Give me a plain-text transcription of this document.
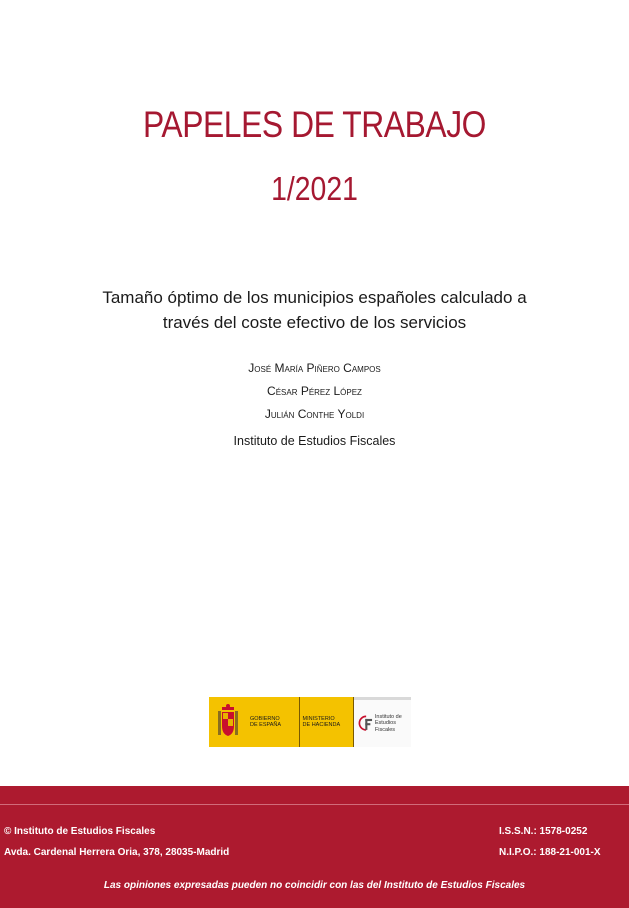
PAPELES DE TRABAJO
1/2021
Tamaño óptimo de los municipios españoles calculado a
través del coste efectivo de los servicios
José María Piñero Campos
César Pérez López
Julián Conthe Yoldi
Instituto de Estudios Fiscales
GOBIERNO
DE ESPAÑA
MINISTERIO
DE HACIENDA
Instituto de
Estudios Fiscales
© Instituto de Estudios Fiscales
Avda. Cardenal Herrera Oria, 378, 28035-Madrid
I.S.S.N.: 1578-0252
N.I.P.O.: 188-21-001-X
Las opiniones expresadas pueden no coincidir con las del Instituto de Estudios Fiscales
